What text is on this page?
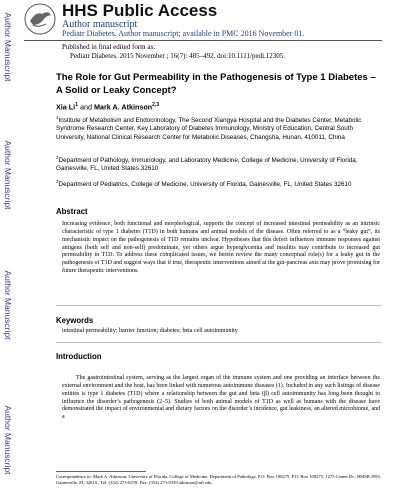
Author Manuscript
Author Manuscript
Author Manuscript
Author Manuscript
HHS Public Access
Author manuscript
Pediatr Diabetes. Author manuscript; available in PMC 2016 November 01.
Published in final edited form as:
Pediatr Diabetes. 2015 November ; 16(7): 485–492. doi:10.1111/pedi.12305.
The Role for Gut Permeability in the Pathogenesis of Type 1 Diabetes – A Solid or Leaky Concept?
Xia Li$^1$ and Mark A. Atkinson$^{2,3}$
$^1$Institute of Metabolism and Endocrinology, The Second Xiangya Hospital and the Diabetes Center, Metabolic Syndrome Research Center, Key Laboratory of Diabetes Immunology, Ministry of Education, Central South University, National Clinical Research Center for Metabolic Diseases, Changsha, Hunan, 410011, China
$^2$Department of Pathology, Immunology, and Laboratory Medicine, College of Medicine, University of Florida, Gainesville, FL, United States 32610
$^3$Department of Pediatrics, College of Medicine, University of Florida, Gainesville, FL, United States 32610
Abstract
Increasing evidence, both functional and morphological, supports the concept of increased intestinal permeability as an intrinsic characteristic of type 1 diabetes (T1D) in both humans and animal models of the disease. Often referred to as a “leaky gut”, its mechanistic impact on the pathogenesis of T1D remains unclear. Hypotheses that this defect influences immune responses against antigens (both self and non-self) predominate, yet others argue hyperglycemia and insulitis may contribute to increased gut permeability in T1D. To address these complicated issues, we herein review the many conceptual role(s) for a leaky gut in the pathogenesis of T1D and suggest ways that if true, therapeutic interventions aimed at the gut-pancreas axis may prove promising for future therapeutic interventions.
Keywords
intestinal permeability; barrier function; diabetes; beta cell autoimmunity
Introduction
The gastrointestinal system, serving as the largest organ of the immune system and one providing an interface between the external environment and the host, has been linked with numerous autoimmune diseases (1). Included in any such listings of disease entities is type 1 diabetes (T1D) where a relationship between the gut and beta (β) cell autoimmunity has long been thought to influence the disorder’s pathogenesis (2–5). Studies of both animal models of T1D as well as humans with the disease have demonstrated the impact of environmental and dietary factors on the disorder’s incidence, gut leakiness, an altered microbiome, and a
Correspondence to: Mark A. Atkinson, University of Florida, College of Medicine, Department of Pathology, P.O. Box 100275, P.O. Box 100275, 1275 Center Dr., BMSB J593, Gainesville, FL 32610., Tel: (352) 273-8278, Fax: (352) 273-9339 atkinson@ufl.edu.
